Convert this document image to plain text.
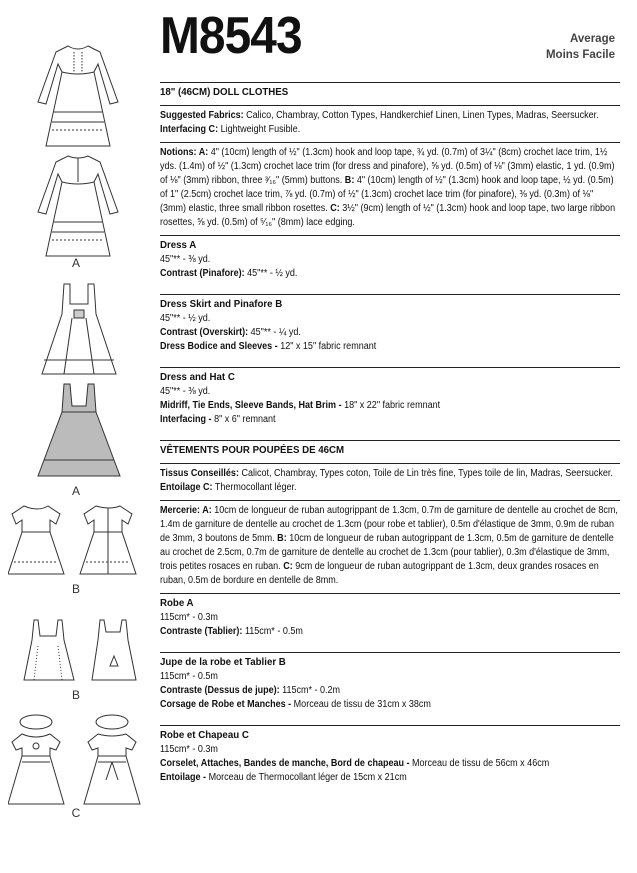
A
A
B
B
C
M8543	Average
Moins Facile
18" (46CM) DOLL CLOTHES
Suggested Fabrics: Calico, Chambray, Cotton Types, Handkerchief Linen, Linen Types, Madras, Seersucker.
Interfacing C: Lightweight Fusible.
Notions: A: 4" (10cm) length of ½" (1.3cm) hook and loop tape, ¾ yd. (0.7m) of 3¼" (8cm) crochet lace trim, 1½ yds. (1.4m) of ½" (1.3cm) crochet lace trim (for dress and pinafore), ⅝ yd. (0.5m) of ⅛" (3mm) elastic, 1 yd. (0.9m) of ⅛" (3mm) ribbon, three ³⁄₁₆" (5mm) buttons. B: 4" (10cm) length of ½" (1.3cm) hook and loop tape, ½ yd. (0.5m) of 1" (2.5cm) crochet lace trim, ⅞ yd. (0.7m) of ½" (1.3cm) crochet lace trim (for pinafore), ⅜ yd. (0.3m) of ⅛" (3mm) elastic, three small ribbon rosettes. C: 3½" (9cm) length of ½" (1.3cm) hook and loop tape, two large ribbon rosettes, ⅝ yd. (0.5m) of ⁵⁄₁₆" (8mm) lace edging.
Dress A
45"** - ⅜ yd.
Contrast (Pinafore): 45"** - ½ yd.
Dress Skirt and Pinafore B
45"** - ½ yd.
Contrast (Overskirt): 45"** - ¼ yd.
Dress Bodice and Sleeves - 12" x 15" fabric remnant
Dress and Hat C
45"** - ⅜ yd.
Midriff, Tie Ends, Sleeve Bands, Hat Brim - 18" x 22" fabric remnant
Interfacing - 8" x 6" remnant
VÊTEMENTS POUR POUPÉES DE 46CM
Tissus Conseillés: Calicot, Chambray, Types coton, Toile de Lin très fine, Types toile de lin, Madras, Seersucker. Entoilage C: Thermocollant léger.
Mercerie: A: 10cm de longueur de ruban autogrippant de 1.3cm, 0.7m de garniture de dentelle au crochet de 8cm, 1.4m de garniture de dentelle au crochet de 1.3cm (pour robe et tablier), 0.5m d'élastique de 3mm, 0.9m de ruban de 3mm, 3 boutons de 5mm. B: 10cm de longueur de ruban autogrippant de 1.3cm, 0.5m de garniture de dentelle au crochet de 2.5cm, 0.7m de garniture de dentelle au crochet de 1.3cm (pour tablier), 0.3m d'élastique de 3mm, trois petites rosaces en ruban. C: 9cm de longueur de ruban autogrippant de 1.3cm, deux grandes rosaces en ruban, 0.5m de bordure en dentelle de 8mm.
Robe A
115cm* - 0.3m
Contraste (Tablier): 115cm* - 0.5m
Jupe de la robe et Tablier B
115cm* - 0.5m
Contraste (Dessus de jupe): 115cm* - 0.2m
Corsage de Robe et Manches - Morceau de tissu de 31cm x 38cm
Robe et Chapeau C
115cm* - 0.3m
Corselet, Attaches, Bandes de manche, Bord de chapeau - Morceau de tissu de 56cm x 46cm
Entoilage - Morceau de Thermocollant léger de 15cm x 21cm
